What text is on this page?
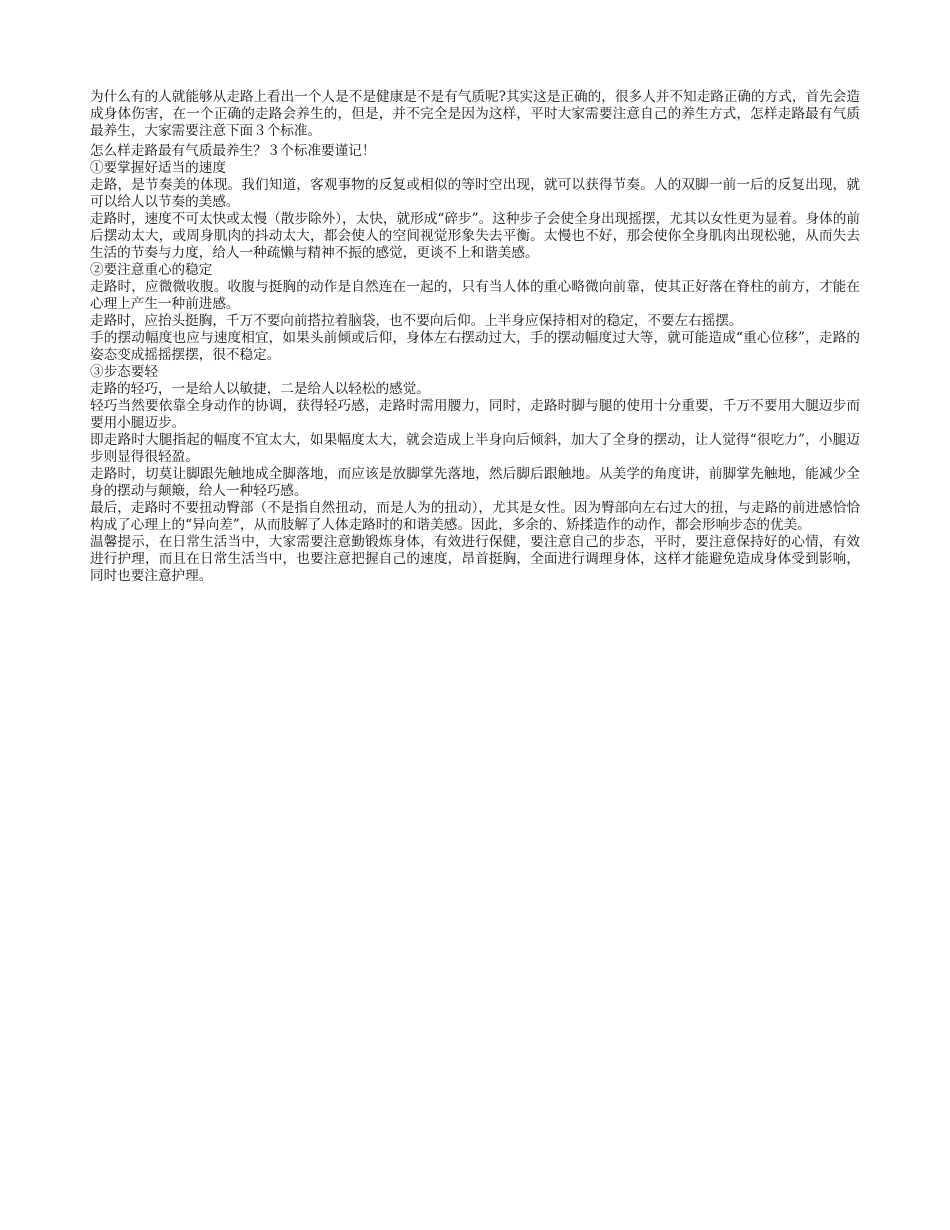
为什么有的人就能够从走路上看出一个人是不是健康是不是有气质呢?其实这是正确的，很多人并不知走路正确的方式，首先会造成身体伤害，在一个正确的走路会养生的，但是，并不完全是因为这样，平时大家需要注意自己的养生方式，怎样走路最有气质最养生，大家需要注意下面３个标准。

怎么样走路最有气质最养生？３个标准要谨记！

①要掌握好适当的速度

走路，是节奏美的体现。我们知道，客观事物的反复或相似的等时空出现，就可以获得节奏。人的双脚一前一后的反复出现，就可以给人以节奏的美感。

走路时，速度不可太快或太慢（散步除外），太快，就形成“碎步”。这种步子会使全身出现摇摆，尤其以女性更为显着。身体的前后摆动太大，或周身肌肉的抖动太大，都会使人的空间视觉形象失去平衡。太慢也不好，那会使你全身肌肉出现松驰，从而失去生活的节奏与力度，给人一种疏懒与精神不振的感觉，更谈不上和谐美感。

②要注意重心的稳定

走路时，应微微收腹。收腹与挺胸的动作是自然连在一起的，只有当人体的重心略微向前靠，使其正好落在脊柱的前方，才能在心理上产生一种前进感。

走路时，应抬头挺胸，千万不要向前搭拉着脑袋，也不要向后仰。上半身应保持相对的稳定，不要左右摇摆。

手的摆动幅度也应与速度相宜，如果头前倾或后仰，身体左右摆动过大，手的摆动幅度过大等，就可能造成“重心位移”，走路的姿态变成摇摇摆摆，很不稳定。

③步态要轻

走路的轻巧，一是给人以敏捷，二是给人以轻松的感觉。

轻巧当然要依靠全身动作的协调，获得轻巧感，走路时需用腰力，同时，走路时脚与腿的使用十分重要，千万不要用大腿迈步而要用小腿迈步。

即走路时大腿指起的幅度不宜太大，如果幅度太大，就会造成上半身向后倾斜，加大了全身的摆动，让人觉得“很吃力”，小腿迈步则显得很轻盈。

走路时，切莫让脚跟先触地成全脚落地，而应该是放脚掌先落地，然后脚后跟触地。从美学的角度讲，前脚掌先触地，能减少全身的摆动与颠簸，给人一种轻巧感。

最后，走路时不要扭动臀部（不是指自然扭动，而是人为的扭动），尤其是女性。因为臀部向左右过大的扭，与走路的前进感恰恰构成了心理上的“异向差”，从而肢解了人体走路时的和谐美感。因此，多余的、矫揉造作的动作，都会形响步态的优美。

温馨提示，在日常生活当中，大家需要注意勤锻炼身体，有效进行保健，要注意自己的步态，平时，要注意保持好的心情，有效进行护理，而且在日常生活当中，也要注意把握自己的速度，昂首挺胸，全面进行调理身体，这样才能避免造成身体受到影响，同时也要注意护理。
